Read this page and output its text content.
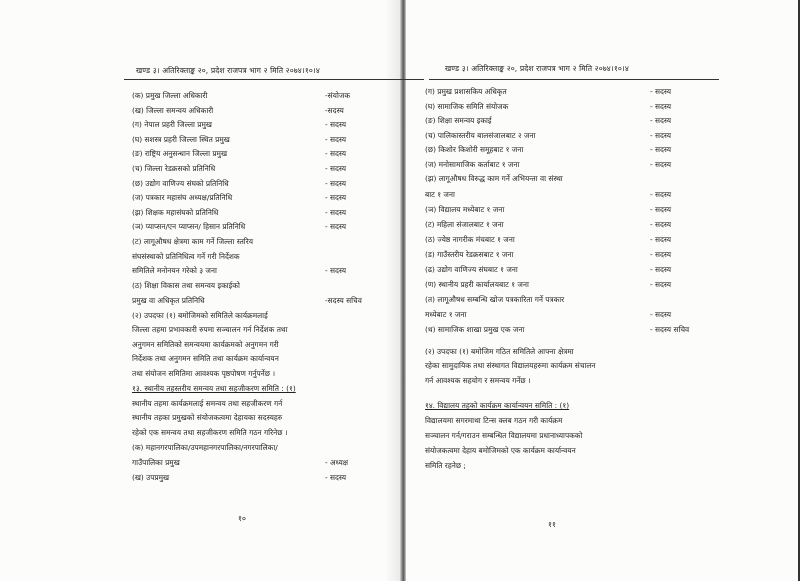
खण्ड ३। अतिरिक्ताङ्क २०, प्रदेश राजपत्र भाग २ मिति २०७४।१०।४
(क) प्रमुख जिल्ला अधिकारी	-संयोजक
(ख) जिल्ला समन्वय अधिकारी	-सदस्य
(ग) नेपाल प्रहरी जिल्ला प्रमुख	- सदस्य
(घ) सशस्त्र प्रहरी जिल्ला स्थित प्रमुख	- सदस्य
(ङ) राष्ट्रिय अनुसन्धान जिल्ला प्रमुख	- सदस्य
(च) जिल्ला रेडक्रसको प्रतिनिधि	- सदस्य
(छ) उद्योग वाणिज्य संघको प्रतिनिधि	- सदस्य
(ज) पत्रकार महासंघ अध्यक्ष/प्रतिनिधि	- सदस्य
(झ) शिक्षक महासंघको प्रतिनिधि	- सदस्य
(ञ) प्याप्सन/एन प्याप्सन/ हिसान प्रतिनिधि	- सदस्य
(ट) लागूऔषध क्षेत्रमा काम गर्ने जिल्ला स्तरिय
संघसंस्थाको प्रतिनिधित्व गर्ने गरी निर्देशक
समितिले मनोनयन गरेको ३ जना	- सदस्य
(ठ) शिक्षा विकास तथा समन्वय इकाईको
प्रमुख वा अधिकृत प्रतिनिधि	-सदस्य सचिव
(२) उपदफा (१) बमोजिमको समितिले कार्यक्रमलाई
जिल्ला तहमा प्रभावकारी रुपमा सञ्चालन गर्न निर्देशक तथा
अनुगमन समितिको समन्वयमा कार्यक्रमको अनुगमन गरी
निर्देशक तथा अनुगमन समिति तथा कार्यक्रम कार्यान्वयन
तथा संयोजन समितिमा आवश्यक पृष्ठपोषण गर्नुपर्नेछ ।
१३. स्थानीय तहस्तरीय समन्वय तथा सहजीकरण समिति : (१)
स्थानीय तहमा कार्यक्रमलाई समन्वय तथा सहजीकरण गर्न
स्थानीय तहका प्रमुखको संयोजकत्वमा देहायका सदस्यहरु
रहेको एक समन्वय तथा सहजीकरण समिति गठन गरिनेछ ।
(क) महानगरपालिका/उपमहानगरपालिका/नगरपालिका/
गाउँपालिका प्रमुख	- अध्यक्ष
(ख) उपप्रमुख	- सदस्य
१०
खण्ड ३। अतिरिक्ताङ्क २०, प्रदेश राजपत्र भाग २ मिति २०७४।१०।४
(ग) प्रमुख प्रशासकिय अधिकृत	- सदस्य
(घ) सामाजिक समिति संयोजक	- सदस्य
(ङ) शिक्षा समन्वय इकाई	- सदस्य
(च) पालिकास्तरीय बालसंजालबाट २ जना	- सदस्य
(छ) किशोर किशोरी समूहबाट १ जना	- सदस्य
(ज) मनोसामाजिक कर्ताबाट १ जना	- सदस्य
(झ) लागूऔषध विरुद्ध काम गर्ने अभियन्ता वा संस्था
बाट १ जना	- सदस्य
(ञ) विद्यालय मध्येबाट १ जना	- सदस्य
(ट) महिला संजालबाट १ जना	- सदस्य
(ठ) ज्येष्ठ नागरीक मंचबाट १ जना	- सदस्य
(ड) गाउँस्तरीय रेडक्रसबाट १ जना	- सदस्य
(ढ) उद्योग वाणिज्य संघबाट १ जना	- सदस्य
(ण) स्थानीय प्रहरी कार्यालयबाट १ जना	- सदस्य
(त) लागूऔषध सम्बन्धि खोज पत्रकारिता गर्ने पत्रकार
मध्येबाट १ जना	- सदस्य
(थ) सामाजिक शाखा प्रमुख एक जना	- सदस्य सचिव
(२) उपदफा (१) बमोजिम गठित समितिले आफ्ना क्षेत्रमा
रहेका सामुदायिक तथा संस्थागत विद्यालयहरुमा कार्यक्रम संचालन
गर्न आवश्यक सहयोग र समन्वय गर्नेछ ।
१४. विद्यालय तहको कार्यक्रम कार्यान्वयन समिति : (१)
विद्यालयमा सगरमाथा टिन्स क्लब गठन गरी कार्यक्रम
सञ्चालन गर्न/गराउन सम्बन्धित विद्यालयमा प्रधानाध्यापकको
संयोजकत्वमा देहाय बमोजिमको एक कार्यक्रम कार्यान्वयन
समिति रहनेछ ;
११
